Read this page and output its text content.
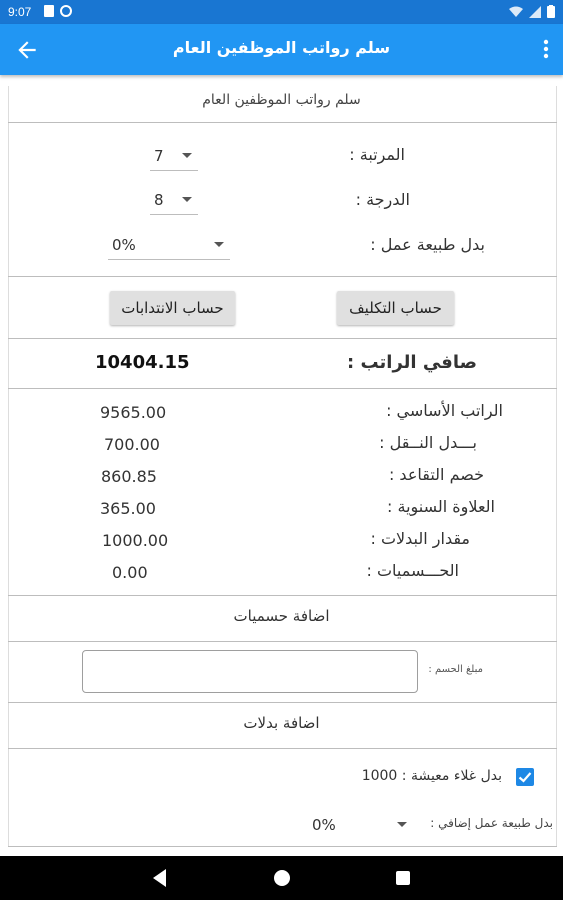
9:07
سلم رواتب الموظفين العام
سلم رواتب الموظفين العام
المرتبة :
7
الدرجة :
8
بدل طبيعة عمل :
0%
حساب التكليف
حساب الانتدابات
صافي الراتب :
10404.15
الراتب الأساسي :
9565.00
بـــدل النــقل :
700.00
خصم التقاعد :
860.85
العلاوة السنوية :
365.00
مقدار البدلات :
1000.00
الحـــسميات :
0.00
اضافة حسميات
مبلغ الحسم :
اضافة بدلات
بدل غلاء معيشة : 1000
بدل طبيعة عمل إضافي :
0%
